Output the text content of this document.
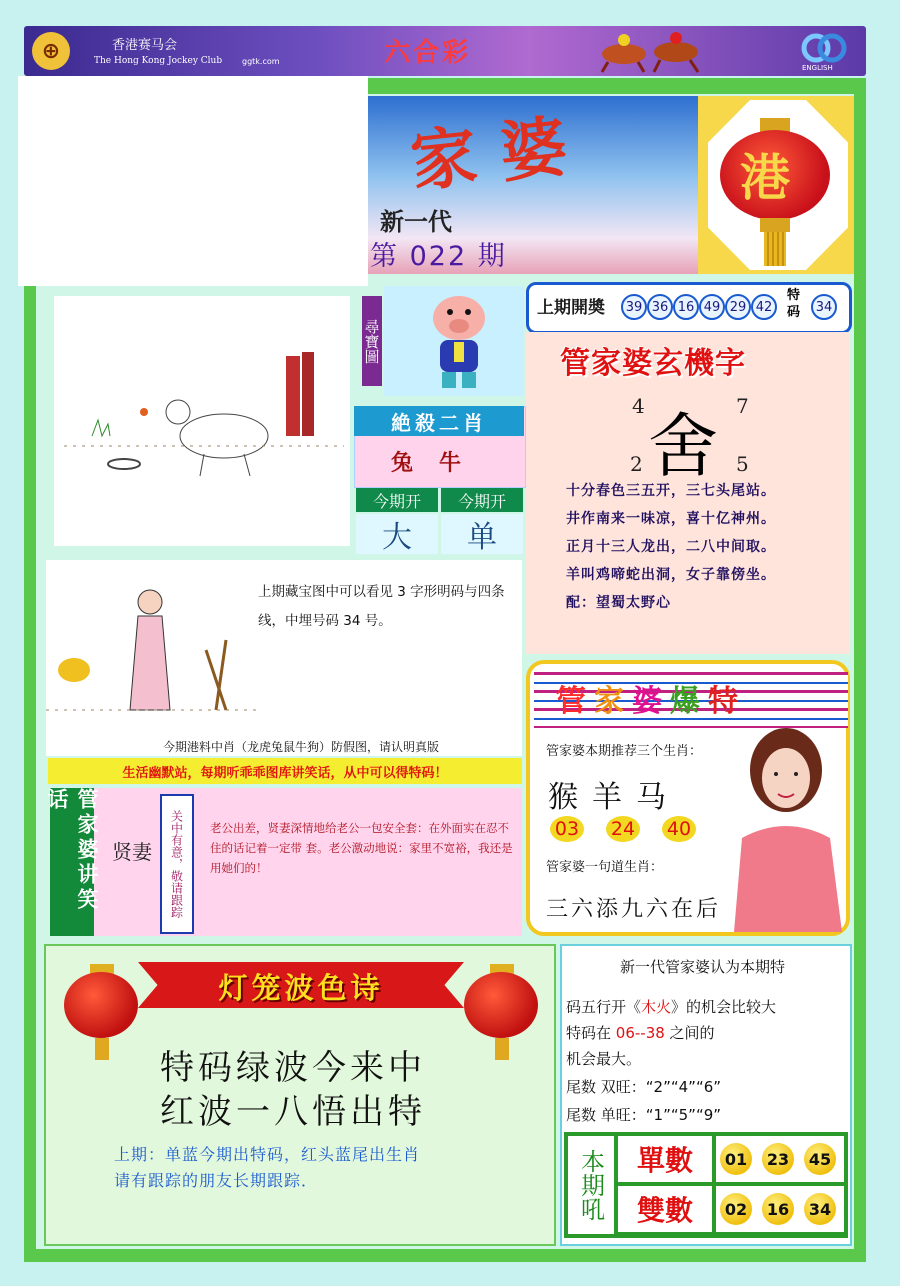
⊕	香港赛马会
The Hong Kong Jockey Club ggtk.com	六合彩	ENGLISH
家婆
新一代
第 022 期
港
尋寶圖
上期開奬	39 36 16 49 29 42
特码	34
絶殺二肖
兔牛
今期开	今期开
大	单
管家婆玄機字
4	7
舍
2	5
十分春色三五开，三七头尾站。
井作南来一味凉，喜十亿神州。
正月十三人龙出，二八中间取。
羊叫鸡啼蛇出洞，女子靠傍坐。
配：望蜀太野心
上期藏宝图中可以看见 3 字形明码与四条线，中埋号码 34 号。
今期港料中肖（龙虎兔鼠牛狗）防假图，请认明真版
生活幽默站，每期听乖乖图库讲笑话，从中可以得特码！
管家婆讲笑话
贤妻	关中有意，敬请跟踪	老公出差，贤妻深情地给老公一包安全套：在外面实在忍不住的话记着一定带 套。老公激动地说：家里不宽裕，我还是用她们的！
管家婆爆特
管家婆本期推荐三个生肖：
猴羊马
03 24 40
管家婆一句道生肖：
三六添九六在后
灯笼波色诗
特码绿波今来中
红波一八悟出特
上期：单蓝今期出特码，红头蓝尾出生肖
请有跟踪的朋友长期跟踪．
新一代管家婆认为本期特
码五行开《木火》的机会比较大
特码在 06--38 之间的
机会最大。
尾数 双旺：“2”“4”“6”
尾数 单旺：“1”“5”“9”
本期吼	單數	01	23	45
雙數	02	16	34
